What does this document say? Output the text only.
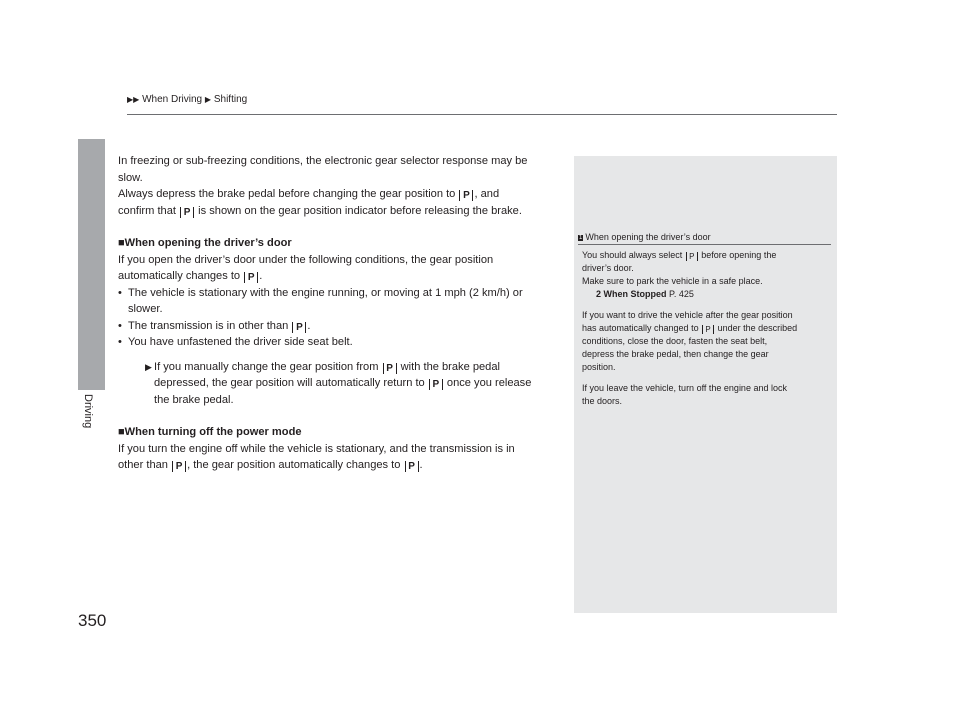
▶▶ When Driving ▶ Shifting
Driving
350

In freezing or sub-freezing conditions, the electronic gear selector response may be
slow.
Always depress the brake pedal before changing the gear position to P , and
confirm that P is shown on the gear position indicator before releasing the brake.

■When opening the driver’s door

If you open the driver’s door under the following conditions, the gear position
automatically changes to P .

• The vehicle is stationary with the engine running, or moving at 1 mph (2 km/h) or
slower.
• The transmission is in other than P .
• You have unfastened the driver side seat belt.
▶ If you manually change the gear position from P with the brake pedal
depressed, the gear position will automatically return to P once you release
the brake pedal.

■When turning off the power mode

If you turn the engine off while the vehicle is stationary, and the transmission is in
other than P , the gear position automatically changes to P .

1 When opening the driver’s door

You should always select P before opening the
driver’s door.
Make sure to park the vehicle in a safe place.

2 When Stopped P. 425

If you want to drive the vehicle after the gear position
has automatically changed to P under the described
conditions, close the door, fasten the seat belt,
depress the brake pedal, then change the gear
position.

If you leave the vehicle, turn off the engine and lock
the doors.
